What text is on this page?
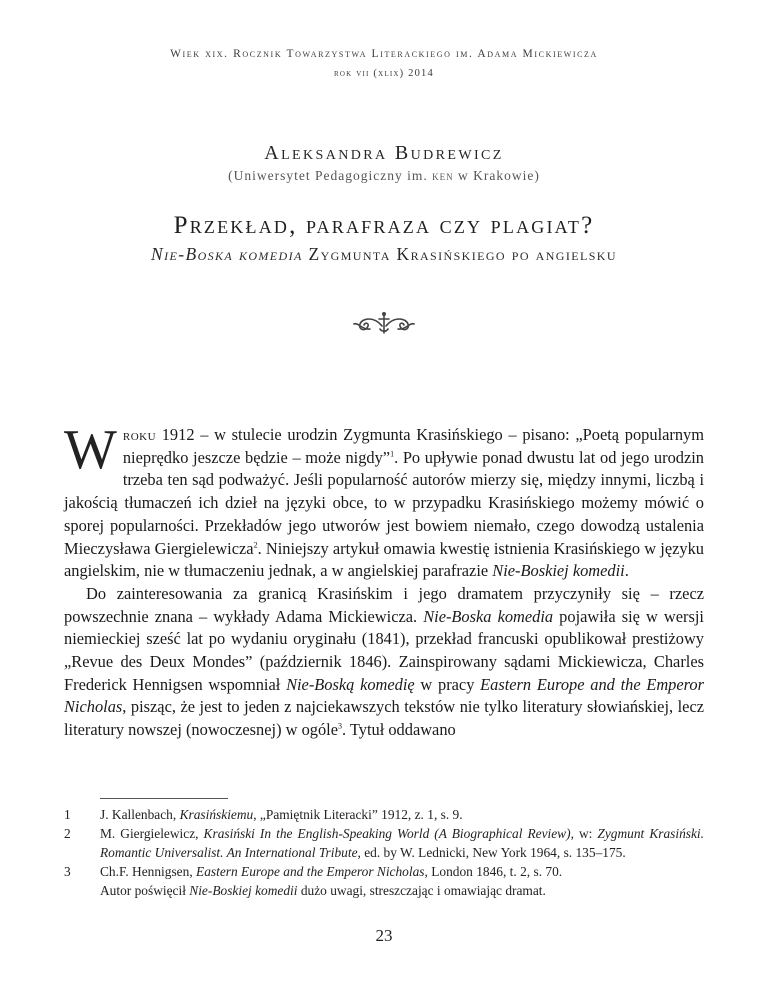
Wiek xix. Rocznik Towarzystwa Literackiego im. Adama Mickiewicza
rok vii (xlix) 2014
Aleksandra Budrewicz
(Uniwersytet Pedagogiczny im. ken w Krakowie)
Przekład, parafraza czy plagiat?
Nie-Boska komedia Zygmunta Krasińskiego po angielsku

Wroku 1912 – w stulecie urodzin Zygmunta Krasińskiego – pisano: „Poetą popularnym nieprędko jeszcze będzie – może nigdy”$^1$. Po upływie ponad dwustu lat od jego urodzin trzeba ten sąd podważyć. Jeśli popularność autorów mierzy się, między innymi, liczbą i jakością tłumaczeń ich dzieł na języki obce, to w przypadku Krasińskiego możemy mówić o sporej popularności. Przekładów jego utworów jest bowiem niemało, czego dowodzą ustalenia Mieczysława Giergielewicza$^2$. Niniejszy artykuł omawia kwestię istnienia Krasińskiego w języku angielskim, nie w tłumaczeniu jednak, a w angielskiej parafrazie Nie-Boskiej komedii.

Do zainteresowania za granicą Krasińskim i jego dramatem przyczyniły się – rzecz powszechnie znana – wykłady Adama Mickiewicza. Nie-Boska komedia pojawiła się w wersji niemieckiej sześć lat po wydaniu oryginału (1841), przekład francuski opublikował prestiżowy „Revue des Deux Mondes” (październik 1846). Zainspirowany sądami Mickiewicza, Charles Frederick Hennigsen wspomniał Nie-Boską komedię w pracy Eastern Europe and the Emperor Nicholas, pisząc, że jest to jeden z najciekawszych tekstów nie tylko literatury słowiańskiej, lecz literatury nowszej (nowoczesnej) w ogóle$^3$. Tytuł oddawano

1	J. Kallenbach, Krasińskiemu, „Pamiętnik Literacki” 1912, z. 1, s. 9.
2	M. Giergielewicz, Krasiński In the English-Speaking World (A Biographical Review), w: Zygmunt Krasiński. Romantic Universalist. An International Tribute, ed. by W. Lednicki, New York 1964, s. 135–175.
3	Ch.F. Hennigsen, Eastern Europe and the Emperor Nicholas, London 1846, t. 2, s. 70.
Autor poświęcił Nie-Boskiej komedii dużo uwagi, streszczając i omawiając dramat.
23
